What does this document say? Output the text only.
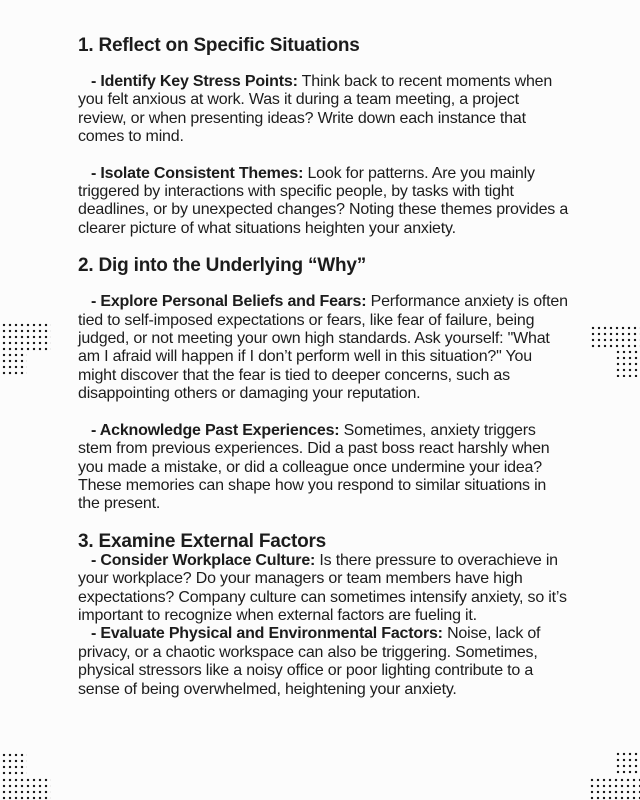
1. Reflect on Specific Situations

- Identify Key Stress Points: Think back to recent moments when you felt anxious at work. Was it during a team meeting, a project review, or when presenting ideas? Write down each instance that comes to mind.

- Isolate Consistent Themes: Look for patterns. Are you mainly triggered by interactions with specific people, by tasks with tight deadlines, or by unexpected changes? Noting these themes provides a clearer picture of what situations heighten your anxiety.

2. Dig into the Underlying “Why”

- Explore Personal Beliefs and Fears: Performance anxiety is often tied to self-imposed expectations or fears, like fear of failure, being judged, or not meeting your own high standards. Ask yourself: "What am I afraid will happen if I don’t perform well in this situation?" You might discover that the fear is tied to deeper concerns, such as disappointing others or damaging your reputation.

- Acknowledge Past Experiences: Sometimes, anxiety triggers stem from previous experiences. Did a past boss react harshly when you made a mistake, or did a colleague once undermine your idea? These memories can shape how you respond to similar situations in the present.

3. Examine External Factors

- Consider Workplace Culture: Is there pressure to overachieve in your workplace? Do your managers or team members have high expectations? Company culture can sometimes intensify anxiety, so it’s important to recognize when external factors are fueling it.

- Evaluate Physical and Environmental Factors: Noise, lack of privacy, or a chaotic workspace can also be triggering. Sometimes, physical stressors like a noisy office or poor lighting contribute to a sense of being overwhelmed, heightening your anxiety.
